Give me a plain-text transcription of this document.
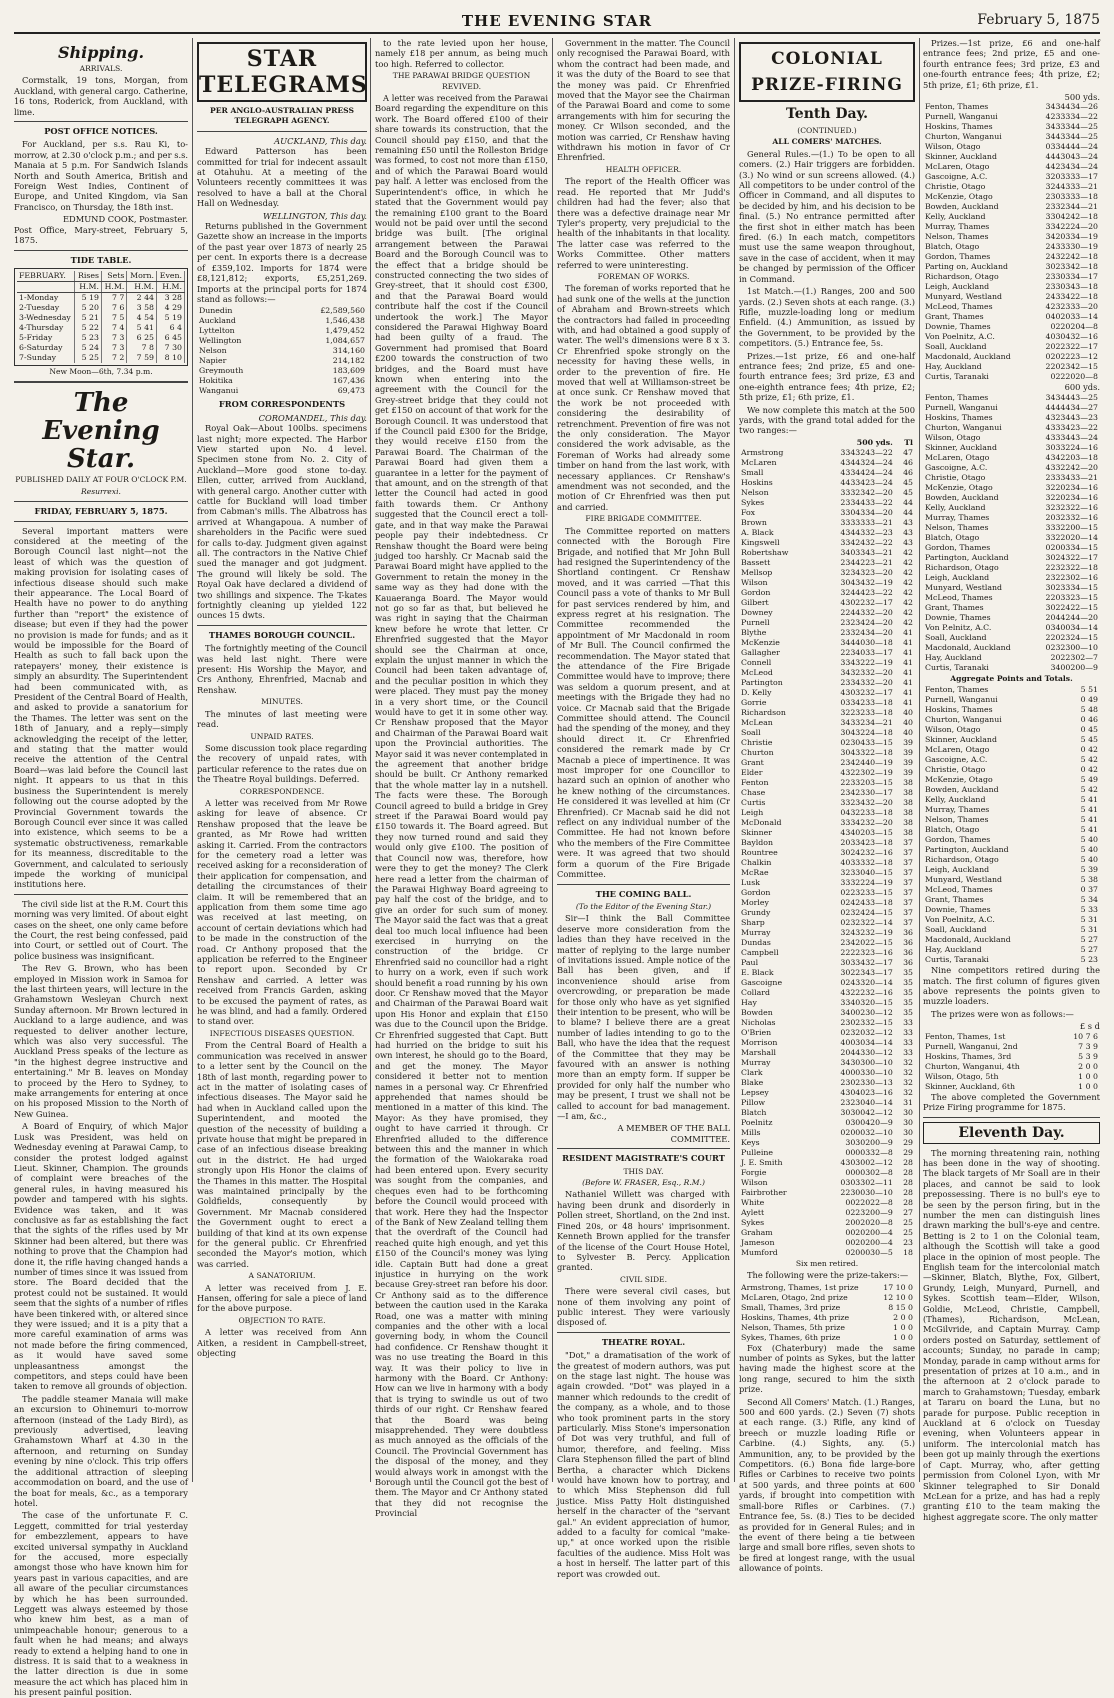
THE EVENING STAR	February 5, 1875
Shipping.
ARRIVALS.

Cormstalk, 19 tons, Morgan, from Auckland, with general cargo. Catherine, 16 tons, Roderick, from Auckland, with lime.

POST OFFICE NOTICES.

For Auckland, per s.s. Rau Ki, to-morrow, at 2.30 o'clock p.m.; and per s.s. Manaia at 5 p.m. For Sandwich Islands North and South America, British and Foreign West Indies, Continent of Europe, and United Kingdom, via San Francisco, on Thursday, the 18th inst.

EDMUND COOK, Postmaster.
Post Office, Mary-street, February 5, 1875.
TIDE TABLE.
FEBRUARY.	Rises	Sets	Morn.	Even.
	H.M.	H.M.	H.M.	H.M.
1-Monday	5 19	7 7	2 44	3 28
2-Tuesday	5 20	7 6	3 58	4 29
3-Wednesday	5 21	7 5	4 54	5 19
4-Thursday	5 22	7 4	5 41	6 4
5-Friday	5 23	7 3	6 25	6 45
6-Saturday	5 24	7 3	7 8	7 30
7-Sunday	5 25	7 2	7 59	8 10
New Moon—6th, 7.34 p.m.
The Evening Star.
PUBLISHED DAILY AT FOUR O'CLOCK P.M.
Resurrexi.
FRIDAY, FEBRUARY 5, 1875.

Several important matters were considered at the meeting of the Borough Council last night—not the least of which was the question of making provision for isolating cases of infectious disease should such make their appearance. The Local Board of Health have no power to do anything further than "report" the existence of disease; but even if they had the power no provision is made for funds; and as it would be impossible for the Board of Health as such to fall back upon the ratepayers' money, their existence is simply an absurdity. The Superintendent had been communicated with, as President of the Central Board of Health, and asked to provide a sanatorium for the Thames. The letter was sent on the 18th of January, and a reply—simply acknowledging the receipt of the letter, and stating that the matter would receive the attention of the Central Board—was laid before the Council last night. It appears to us that in this business the Superintendent is merely following out the course adopted by the Provincial Government towards the Borough Council ever since it was called into existence, which seems to be a systematic obstructiveness, remarkable for its meanness, discreditable to the Government, and calculated to seriously impede the working of municipal institutions here.

The civil side list at the R.M. Court this morning was very limited. Of about eight cases on the sheet, one only came before the Court, the rest being confessed, paid into Court, or settled out of Court. The police business was insignificant.

The Rev G. Brown, who has been employed in Mission work in Samoa for the last thirteen years, will lecture in the Grahamstown Wesleyan Church next Sunday afternoon. Mr Brown lectured in Auckland to a large audience, and was requested to deliver another lecture, which was also very successful. The Auckland Press speaks of the lecture as "in the highest degree instructive and entertaining." Mr B. leaves on Monday to proceed by the Hero to Sydney, to make arrangements for entering at once on his proposed Mission to the North of New Guinea.

A Board of Enquiry, of which Major Lusk was President, was held on Wednesday evening at Parawai Camp, to consider the protest lodged against Lieut. Skinner, Champion. The grounds of complaint were breaches of the general rules, in having measured his powder and tampered with his sights. Evidence was taken, and it was conclusive as far as establishing the fact that the sights of the rifles used by Mr Skinner had been altered, but there was nothing to prove that the Champion had done it, the rifle having changed hands a number of times since it was issued from store. The Board decided that the protest could not be sustained. It would seem that the sights of a number of rifles have been tinkered with, or altered since they were issued; and it is a pity that a more careful examination of arms was not made before the firing commenced, as it would have saved some unpleasantness amongst the competitors, and steps could have been taken to remove all grounds of objection.

The paddle steamer Manaia will make an excursion to Ohinemuri to-morrow afternoon (instead of the Lady Bird), as previously advertised, leaving Grahamstown Wharf at 4.30 in the afternoon, and returning on Sunday evening by nine o'clock. This trip offers the additional attraction of sleeping accommodation on board, and the use of the boat for meals, &c., as a temporary hotel.

The case of the unfortunate F. C. Leggett, committed for trial yesterday for embezzlement, appears to have excited universal sympathy in Auckland for the accused, more especially amongst those who have known him for years past in various capacities, and are all aware of the peculiar circumstances by which he has been surrounded. Leggett was always esteemed by those who knew him best, as a man of unimpeachable honour; generous to a fault when he had means; and always ready to extend a helping hand to one in distress. It is said that to a weakness in the latter direction is due in some measure the act which has placed him in his present painful position.

STAR TELEGRAMS
PER ANGLO-AUSTRALIAN PRESS TELEGRAPH AGENCY.
AUCKLAND, This day.

Edward Patterson has been committed for trial for indecent assault at Otahuhu. At a meeting of the Volunteers recently committees it was resolved to have a ball at the Choral Hall on Wednesday.

WELLINGTON, This day.

Returns published in the Government Gazette show an increase in the imports of the past year over 1873 of nearly 25 per cent. In exports there is a decrease of £359,102. Imports for 1874 were £8,121,812; exports, £5,251,269. Imports at the principal ports for 1874 stand as follows:—

Dunedin	£2,589,560
Auckland	1,546,438
Lyttelton	1,479,452
Wellington	1,084,657
Nelson	314,160
Napier	214,182
Greymouth	183,609
Hokitika	167,436
Wanganui	69,473
FROM CORRESPONDENTS
COROMANDEL, This day.

Royal Oak—About 100lbs. specimens last night; more expected. The Harbor View started upon No. 4 level. Specimen stone from No. 2. City of Auckland—More good stone to-day. Ellen, cutter, arrived from Auckland, with general cargo. Another cutter with cattle for Buckland will load timber from Cabman's mills. The Albatross has arrived at Whangapoua. A number of shareholders in the Pacific were sued for calls to-day. Judgment given against all. The contractors in the Native Chief sued the manager and got judgment. The ground will likely be sold. The Royal Oak have declared a dividend of two shillings and sixpence. The T-kates fortnightly cleaning up yielded 122 ounces 15 dwts.

THAMES BOROUGH COUNCIL.

The fortnightly meeting of the Council was held last night. There were present: His Worship the Mayor, and Crs Anthony, Ehrenfried, Macnab and Renshaw.

MINUTES.

The minutes of last meeting were read.

UNPAID RATES.

Some discussion took place regarding the recovery of unpaid rates, with particular reference to the rates due on the Theatre Royal buildings. Deferred.

CORRESPONDENCE.

A letter was received from Mr Rowe asking for leave of absence. Cr Renshaw proposed that the leave be granted, as Mr Rowe had written asking it. Carried. From the contractors for the cemetery road a letter was received asking for a reconsideration of their application for compensation, and detailing the circumstances of their claim. It will be remembered that an application from them some time ago was received at last meeting, on account of certain deviations which had to be made in the construction of the road. Cr Anthony proposed that the application be referred to the Engineer to report upon. Seconded by Cr Renshaw and carried. A letter was received from Francis Garden, asking to be excused the payment of rates, as he was blind, and had a family. Ordered to stand over.

INFECTIOUS DISEASES QUESTION.

From the Central Board of Health a communication was received in answer to a letter sent by the Council on the 18th of last month, regarding power to act in the matter of isolating cases of infectious diseases. The Mayor said he had when in Auckland called upon the Superintendent, and mooted the question of the necessity of building a private house that might be prepared in case of an infectious disease breaking out in the district. He had urged strongly upon His Honor the claims of the Thames in this matter. The Hospital was maintained principally by the Goldfields, consequently by Government. Mr Macnab considered the Government ought to erect a building of that kind at its own expense for the general public. Cr Ehrenfried seconded the Mayor's motion, which was carried.

A SANATORIUM.

A letter was received from J. E. Hansen, offering for sale a piece of land for the above purpose.

OBJECTION TO RATE.

A letter was received from Ann Aitken, a resident in Campbell-street, objecting

to the rate levied upon her house, namely £18 per annum, as being much too high. Referred to collector.

THE PARAWAI BRIDGE QUESTION REVIVED.

A letter was received from the Parawai Board regarding the expenditure on this work. The Board offered £100 of their share towards its construction, that the Council should pay £150, and that the remaining £50 until the Rolleston Bridge was formed, to cost not more than £150, and of which the Parawai Board would pay half. A letter was enclosed from the Superintendent's office, in which he stated that the Government would pay the remaining £100 grant to the Board would not be paid over until the second bridge was built. [The original arrangement between the Parawai Board and the Borough Council was to the effect that a bridge should be constructed connecting the two sides of Grey-street, that it should cost £300, and that the Parawai Board would contribute half the cost if the Council undertook the work.] The Mayor considered the Parawai Highway Board had been guilty of a fraud. The Government had promised that Board £200 towards the construction of two bridges, and the Board must have known when entering into the agreement with the Council for the Grey-street bridge that they could not get £150 on account of that work for the Borough Council. It was understood that if the Council paid £300 for the Bridge, they would receive £150 from the Parawai Board. The Chairman of the Parawai Board had given them a guarantee in a letter for the payment of that amount, and on the strength of that letter the Council had acted in good faith towards them. Cr Anthony suggested that the Council erect a toll-gate, and in that way make the Parawai people pay their indebtedness. Cr Renshaw thought the Board were being judged too harshly. Cr Macnab said the Parawai Board might have applied to the Government to retain the money in the same way as they had done with the Kauaeranga Board. The Mayor would not go so far as that, but believed he was right in saying that the Chairman knew before he wrote that letter. Cr Ehrenfried suggested that the Mayor should see the Chairman at once, explain the unjust manner in which the Council had been taken advantage of, and the peculiar position in which they were placed. They must pay the money in a very short time, or the Council would have to get it in some other way. Cr Renshaw proposed that the Mayor and Chairman of the Parawai Board wait upon the Provincial authorities. The Mayor said it was never contemplated in the agreement that another bridge should be built. Cr Anthony remarked that the whole matter lay in a nutshell. The facts were these. The Borough Council agreed to build a bridge in Grey street if the Parawai Board would pay £150 towards it. The Board agreed. But they now turned round and said they would only give £100. The position of that Council now was, therefore, how were they to get the money? The Clerk here read a letter from the chairman of the Parawai Highway Board agreeing to pay half the cost of the bridge, and to give an order for such sum of money. The Mayor said the fact was that a great deal too much local influence had been exercised in hurrying on the construction of the bridge. Cr Ehrenfried said no councillor had a right to hurry on a work, even if such work should benefit a road running by his own door. Cr Renshaw moved that the Mayor and Chairman of the Parawai Board wait upon His Honor and explain that £150 was due to the Council upon the Bridge. Cr Ehrenfried suggested that Capt. Butt had hurried on the bridge to suit his own interest, he should go to the Board, and get the money. The Mayor considered it better not to mention names in a personal way. Cr Ehrenfried apprehended that names should be mentioned in a matter of this kind. The Mayor: As they have promised, they ought to have carried it through. Cr Ehrenfried alluded to the difference between this and the manner in which the formation of the Waiokaraka road had been entered upon. Every security was sought from the companies, and cheques even had to be forthcoming before the Council would proceed with that work. Here they had the Inspector of the Bank of New Zealand telling them that the overdraft of the Council had reached quite high enough, and yet this £150 of the Council's money was lying idle. Captain Butt had done a great injustice in hurrying on the work because Grey-street ran before his door. Cr Anthony said as to the difference between the caution used in the Karaka Road, one was a matter with mining companies and the other with a local governing body, in whom the Council had confidence. Cr Renshaw thought it was no use treating the Board in this way. It was their policy to live in harmony with the Board. Cr Anthony: How can we live in harmony with a body that is trying to swindle us out of two thirds of our right. Cr Renshaw feared that the Board was being misapprehended. They were doubtless as much annoyed as the officials of the Council. The Provincial Government has the disposal of the money, and they would always work in amongst with the Borough until the Council got the best of them. The Mayor and Cr Anthony stated that they did not recognise the Provincial

Government in the matter. The Council only recognised the Parawai Board, with whom the contract had been made, and it was the duty of the Board to see that the money was paid. Cr Ehrenfried moved that the Mayor see the Chairman of the Parawai Board and come to some arrangements with him for securing the money. Cr Wilson seconded, and the motion was carried, Cr Renshaw having withdrawn his motion in favor of Cr Ehrenfried.

HEALTH OFFICER.

The report of the Health Officer was read. He reported that Mr Judd's children had had the fever; also that there was a defective drainage near Mr Tyler's property, very prejudicial to the health of the inhabitants in that locality. The latter case was referred to the Works Committee. Other matters referred to were uninteresting.

FOREMAN OF WORKS.

The foreman of works reported that he had sunk one of the wells at the junction of Abraham and Brown-streets which the contractors had failed in proceeding with, and had obtained a good supply of water. The well's dimensions were 8 x 3. Cr Ehrenfried spoke strongly on the necessity for having these wells, in order to the prevention of fire. He moved that well at Williamson-street be at once sunk. Cr Renshaw moved that the work be not proceeded with considering the desirability of retrenchment. Prevention of fire was not the only consideration. The Mayor considered the work advisable, as the Foreman of Works had already some timber on hand from the last work, with necessary appliances. Cr Renshaw's amendment was not seconded, and the motion of Cr Ehrenfried was then put and carried.

FIRE BRIGADE COMMITTEE.

The Committee reported on matters connected with the Borough Fire Brigade, and notified that Mr John Bull had resigned the Superintendency of the Shortland contingent. Cr Renshaw moved, and it was carried —That this Council pass a vote of thanks to Mr Bull for past services rendered by him, and express regret at his resignation. The Committee recommended the appointment of Mr Macdonald in room of Mr Bull. The Council confirmed the recommendation. The Mayor stated that the attendance of the Fire Brigade Committee would have to improve; there was seldom a quorum present, and at meetings with the Brigade they had no voice. Cr Macnab said that the Brigade Committee should attend. The Council had the spending of the money, and they should direct it. Cr Ehrenfried considered the remark made by Cr Macnab a piece of impertinence. It was most improper for one Councillor to hazard such an opinion of another who he knew nothing of the circumstances. He considered it was levelled at him (Cr Ehrenfried). Cr Macnab said he did not reflect on any individual number of the Committee. He had not known before who the members of the Fire Committee were. It was agreed that two should form a quorum of the Fire Brigade Committee.

THE COMING BALL.
(To the Editor of the Evening Star.)

Sir—I think the Ball Committee deserve more consideration from the ladies than they have received in the matter of replying to the large number of invitations issued. Ample notice of the Ball has been given, and if inconvenience should arise from overcrowding, or preparation be made for those only who have as yet signified their intention to be present, who will be to blame? I believe there are a great number of ladies intending to go to the Ball, who have the idea that the request of the Committee that they may be favoured with an answer is nothing more than an empty form. If supper be provided for only half the number who may be present, I trust we shall not be called to account for bad management.—I am, &c.,

A MEMBER OF THE BALL COMMITTEE.
RESIDENT MAGISTRATE'S COURT
THIS DAY.
(Before W. FRASER, Esq., R.M.)

Nathaniel Willett was charged with having been drunk and disorderly in Pollen street, Shortland, on the 2nd inst. Fined 20s, or 48 hours' imprisonment. Kenneth Brown applied for the transfer of the license of the Court House Hotel, to Sylvester B. Percy. Application granted.

CIVIL SIDE.

There were several civil cases, but none of them involving any point of public interest. They were variously disposed of.

THEATRE ROYAL.

"Dot," a dramatisation of the work of the greatest of modern authors, was put on the stage last night. The house was again crowded. "Dot" was played in a manner which redounds to the credit of the company, as a whole, and to those who took prominent parts in the story particularly. Miss Stone's impersonation of Dot was very truthful, and full of humor, therefore, and feeling. Miss Clara Stephenson filled the part of blind Bertha, a character which Dickens would have known how to portray, and to which Miss Stephenson did full justice. Miss Patty Holt distinguished herself in the character of the "servant gal." An evident appreciation of humor, added to a faculty for comical "make-up," at once worked upon the risible faculties of the audience. Miss Holt was a host in herself. The latter part of this report was crowded out.

COLONIAL PRIZE-FIRING
Tenth Day.
(CONTINUED.)
ALL COMERS' MATCHES.

General Rules.—(1.) To be open to all comers. (2.) Hair triggers are forbidden. (3.) No wind or sun screens allowed. (4.) All competitors to be under control of the Officer in Command, and all disputes to be decided by him, and his decision to be final. (5.) No entrance permitted after the first shot in either match has been fired. (6.) In each match, competitors must use the same weapon throughout, save in the case of accident, when it may be changed by permission of the Officer in Command.

1st Match.—(1.) Ranges, 200 and 500 yards. (2.) Seven shots at each range. (3.) Rifle, muzzle-loading long or medium Enfield. (4.) Ammunition, as issued by the Government, to be provided by the competitors. (5.) Entrance fee, 5s.

Prizes.—1st prize, £6 and one-half entrance fees; 2nd prize, £5 and one-fourth entrance fees; 3rd prize, £3 and one-eighth entrance fees; 4th prize, £2; 5th prize, £1; 6th prize, £1.

We now complete this match at the 500 yards, with the grand total added for the two ranges:—

	500 yds.	Tl
Armstrong	3343243—22	47
McLaren	4344324—24	46
Small	4334424—24	46
Hoskins	4433423—24	45
Nelson	3332342—20	45
Sykes	2334433—22	44
Fox	3304334—20	44
Brown	3333333—21	43
A. Black	4344332—23	43
Kingswell	3342432—22	43
Robertshaw	3403343—21	42
Bassett	2344223—21	42
Mellsop	3234323—20	42
Wilson	3043432—19	42
Gordon	3244423—22	42
Gilbert	4302232—17	42
Downey	2244332—20	42
Purnell	2323424—20	42
Blythe	2332434—20	41
McKenzie	3444030—18	41
Gallagher	2234033—17	41
Connell	3343222—19	41
McLeod	3432332—20	41
Partington	2334332—20	41
D. Kelly	4303232—17	41
Gorrie	0334233—18	41
Richardson	3223233—18	40
McLean	3433234—21	40
Soall	3043224—18	40
Christie	0230433—15	39
Churton	3043322—18	39
Grant	2342440—19	39
Elder	4322302—19	39
Fenton	2233203—15	38
Chase	2342330—17	38
Curtis	3323432—20	38
Leigh	0432233—18	38
McDonald	3334232—20	38
Skinner	4340203—15	38
Bayldon	2033423—18	37
Rountree	3024232—16	37
Chalkin	4033332—18	37
McRae	3233040—15	37
Lusk	3332224—19	37
Gordon	0223233—15	37
Morley	0242433—18	37
Grundy	0232424—15	37
Sharp	0232322—14	37
Murray	3243232—19	36
Dundas	2342022—15	36
Campbell	2222323—16	36
Paul	3033432—17	36
E. Black	3022343—17	35
Gascoigne	0243320—14	35
Collard	4322232—16	35
Hay	3340320—15	35
Bowden	3400230—12	35
Nicholas	2302332—15	33
O'Brien	0232032—12	33
Morrison	4003034—14	33
Marshall	2044330—12	33
Murray	3430300—10	32
Clark	4000330—10	32
Blake	2302330—13	32
Lepsey	4304023—16	32
Pillow	2323040—14	31
Blatch	3030042—12	30
Poelnitz	0300420—9	30
Mills	0200032—10	30
Keys	3030200—9	29
Pulleine	0000332—8	29
J. E. Smith	4303002—12	28
Forgie	0000302—8	28
Wilson	0303302—11	28
Fairbrother	2230030—10	28
White	0022022—8	28
Aylett	0223200—9	27
Sykes	2002020—8	25
Graham	0020200—4	25
Jameson	0020200—4	23
Mumford	0200030—5	18
Six men retired.

The following were the prize-takers:—

Armstrong, Thames, 1st prize	17 10 0
McLaren, Otago, 2nd prize	12 10 0
Small, Thames, 3rd prize	8 15 0
Hoskins, Thames, 4th prize	2 0 0
Nelson, Thames, 5th prize	1 0 0
Sykes, Thames, 6th prize	1 0 0

Fox (Chaterbury) made the same number of points as Sykes, but the latter having made the highest score at the long range, secured to him the sixth prize.

Second All Comers' Match. (1.) Ranges, 500 and 600 yards. (2.) Seven (7) shots at each range. (3.) Rifle, any kind of breech or muzzle loading Rifle or Carbine. (4.) Sights, any. (5.) Ammunition, any, to be provided by the Competitors. (6.) Bona fide large-bore Rifles or Carbines to receive two points at 500 yards, and three points at 600 yards, if brought into competition with small-bore Rifles or Carbines. (7.) Entrance fee, 5s. (8.) Ties to be decided as provided for in General Rules; and in the event of there being a tie between large and small bore rifles, seven shots to be fired at longest range, with the usual allowance of points.

Prizes.—1st prize, £6 and one-half entrance fees; 2nd prize, £5 and one-fourth entrance fees; 3rd prize, £3 and one-fourth entrance fees; 4th prize, £2; 5th prize, £1; 6th prize, £1.

500 yds.
Fenton, Thames	3434434—26
Purnell, Wanganui	4233334—22
Hoskins, Thames	3433344—25
Churton, Wanganui	3443344—25
Wilson, Otago	0334444—24
Skinner, Auckland	4443043—24
McLaren, Otago	4423434—24
Gascoigne, A.C.	3203333—17
Christie, Otago	3244333—21
McKenzie, Otago	2303333—18
Bowden, Auckland	2332344—21
Kelly, Auckland	3304242—18
Murray, Thames	3342224—20
Nelson, Thames	3420334—19
Blatch, Otago	2433330—19
Gordon, Thames	2432242—18
Parting on, Auckland	3023342—18
Richardson, Otago	2330334—17
Leigh, Auckland	2330343—18
Munyard, Westland	2433422—18
McLeod, Thames	4232333—20
Grant, Thames	0402033—14
Downie, Thames	0220204—8
Von Poelnitz, A.C.	4030432—16
Soall, Auckland	2022322—17
Macdonald, Auckland	0202223—12
Hay, Auckland	2202342—15
Curtis, Taranaki	0222020—8
600 yds.
Fenton, Thames	3434443—25
Purnell, Wanganui	4444434—27
Hoskins, Thames	4323443—23
Churton, Wanganui	4333423—22
Wilson, Otago	4333443—24
Skinner, Auckland	3033224—16
McLaren, Otago	4342203—18
Gascoigne, A.C.	4332242—20
Christie, Otago	2333433—21
McKenzie, Otago	3220234—16
Bowden, Auckland	3220234—16
Kelly, Auckland	3232322—16
Murray, Thames	2032332—16
Nelson, Thames	3332200—15
Blatch, Otago	3322020—14
Gordon, Thames	0200334—15
Partington, Auckland	3024322—17
Richardson, Otago	2232322—18
Leigh, Auckland	2322302—16
Munyard, Westland	3023334—15
McLeod, Thames	2203323—15
Grant, Thames	3022422—15
Downie, Thames	2044244—20
Von P.elnitz, A.C.	0340034—14
Soall, Auckland	2202324—15
Macdonald, Auckland	0232300—10
Hay, Auckland	2022302—7
Curtis, Taranaki	3400200—9
Aggregate Points and Totals.
Fenton, Thames	5 51
Purnell, Wanganui	0 49
Hoskins, Thames	5 48
Churton, Wanganui	0 46
Wilson, Otago	0 45
Skinner, Auckland	5 45
McLaren, Otago	0 42
Gascoigne, A.C.	5 42
Christie, Otago	0 42
McKenzie, Otago	5 49
Bowden, Auckland	5 42
Kelly, Auckland	5 41
Murray, Thames	5 41
Nelson, Thames	5 41
Blatch, Otago	5 41
Gordon, Thames	5 40
Partington, Auckland	5 40
Richardson, Otago	5 40
Leigh, Auckland	5 39
Munyard, Westland	5 38
McLeod, Thames	0 37
Grant, Thames	5 34
Downie, Thames	5 33
Von Poelnitz, A.C.	5 31
Soall, Auckland	5 31
Macdonald, Auckland	5 27
Hay, Auckland	5 27
Curtis, Taranaki	5 23

Nine competitors retired during the match. The first column of figures given above represents the points given to muzzle loaders.

The prizes were won as follows:—

£ s d
Fenton, Thames, 1st	10 7 6
Purnell, Wanganui, 2nd	7 3 9
Hoskins, Thames, 3rd	5 3 9
Churton, Wanganui, 4th	2 0 0
Wilson, Otago, 5th	1 0 0
Skinner, Auckland, 6th	1 0 0

The above completed the Government Prize Firing programme for 1875.

Eleventh Day.

The morning threatening rain, nothing has been done in the way of shooting. The black targets of Mr Soall are in their places, and cannot be said to look prepossessing. There is no bull's eye to be seen by the person firing, but in the number the men can distinguish lines drawn marking the bull's-eye and centre. Betting is 2 to 1 on the Colonial team, although the Scottish will take a good place in the opinion of most people. The English team for the intercolonial match—Skinner, Blatch, Blythe, Fox, Gilbert, Grundy, Leigh, Munyard, Purnell, and Sykes. Scottish team—Elder, Wilson, Goldie, McLeod, Christie, Campbell, (Thames), Richardson, McLean, McGilvride, and Captain Murray. Camp orders posted on Saturday, settlement of accounts; Sunday, no parade in camp; Monday, parade in camp without arms for presentation of prizes at 10 a.m., and in the afternoon at 2 o'clock parade to march to Grahamstown; Tuesday, embark at Tararu on board the Luna, but no parade for purpose. Public reception in Auckland at 6 o'clock on Tuesday evening, when Volunteers appear in uniform. The intercolonial match has been got up mainly through the exertions of Capt. Murray, who, after getting permission from Colonel Lyon, with Mr Skinner telegraphed to Sir Donald McLean for a prize, and has had a reply granting £10 to the team making the highest aggregate score. The only matter
